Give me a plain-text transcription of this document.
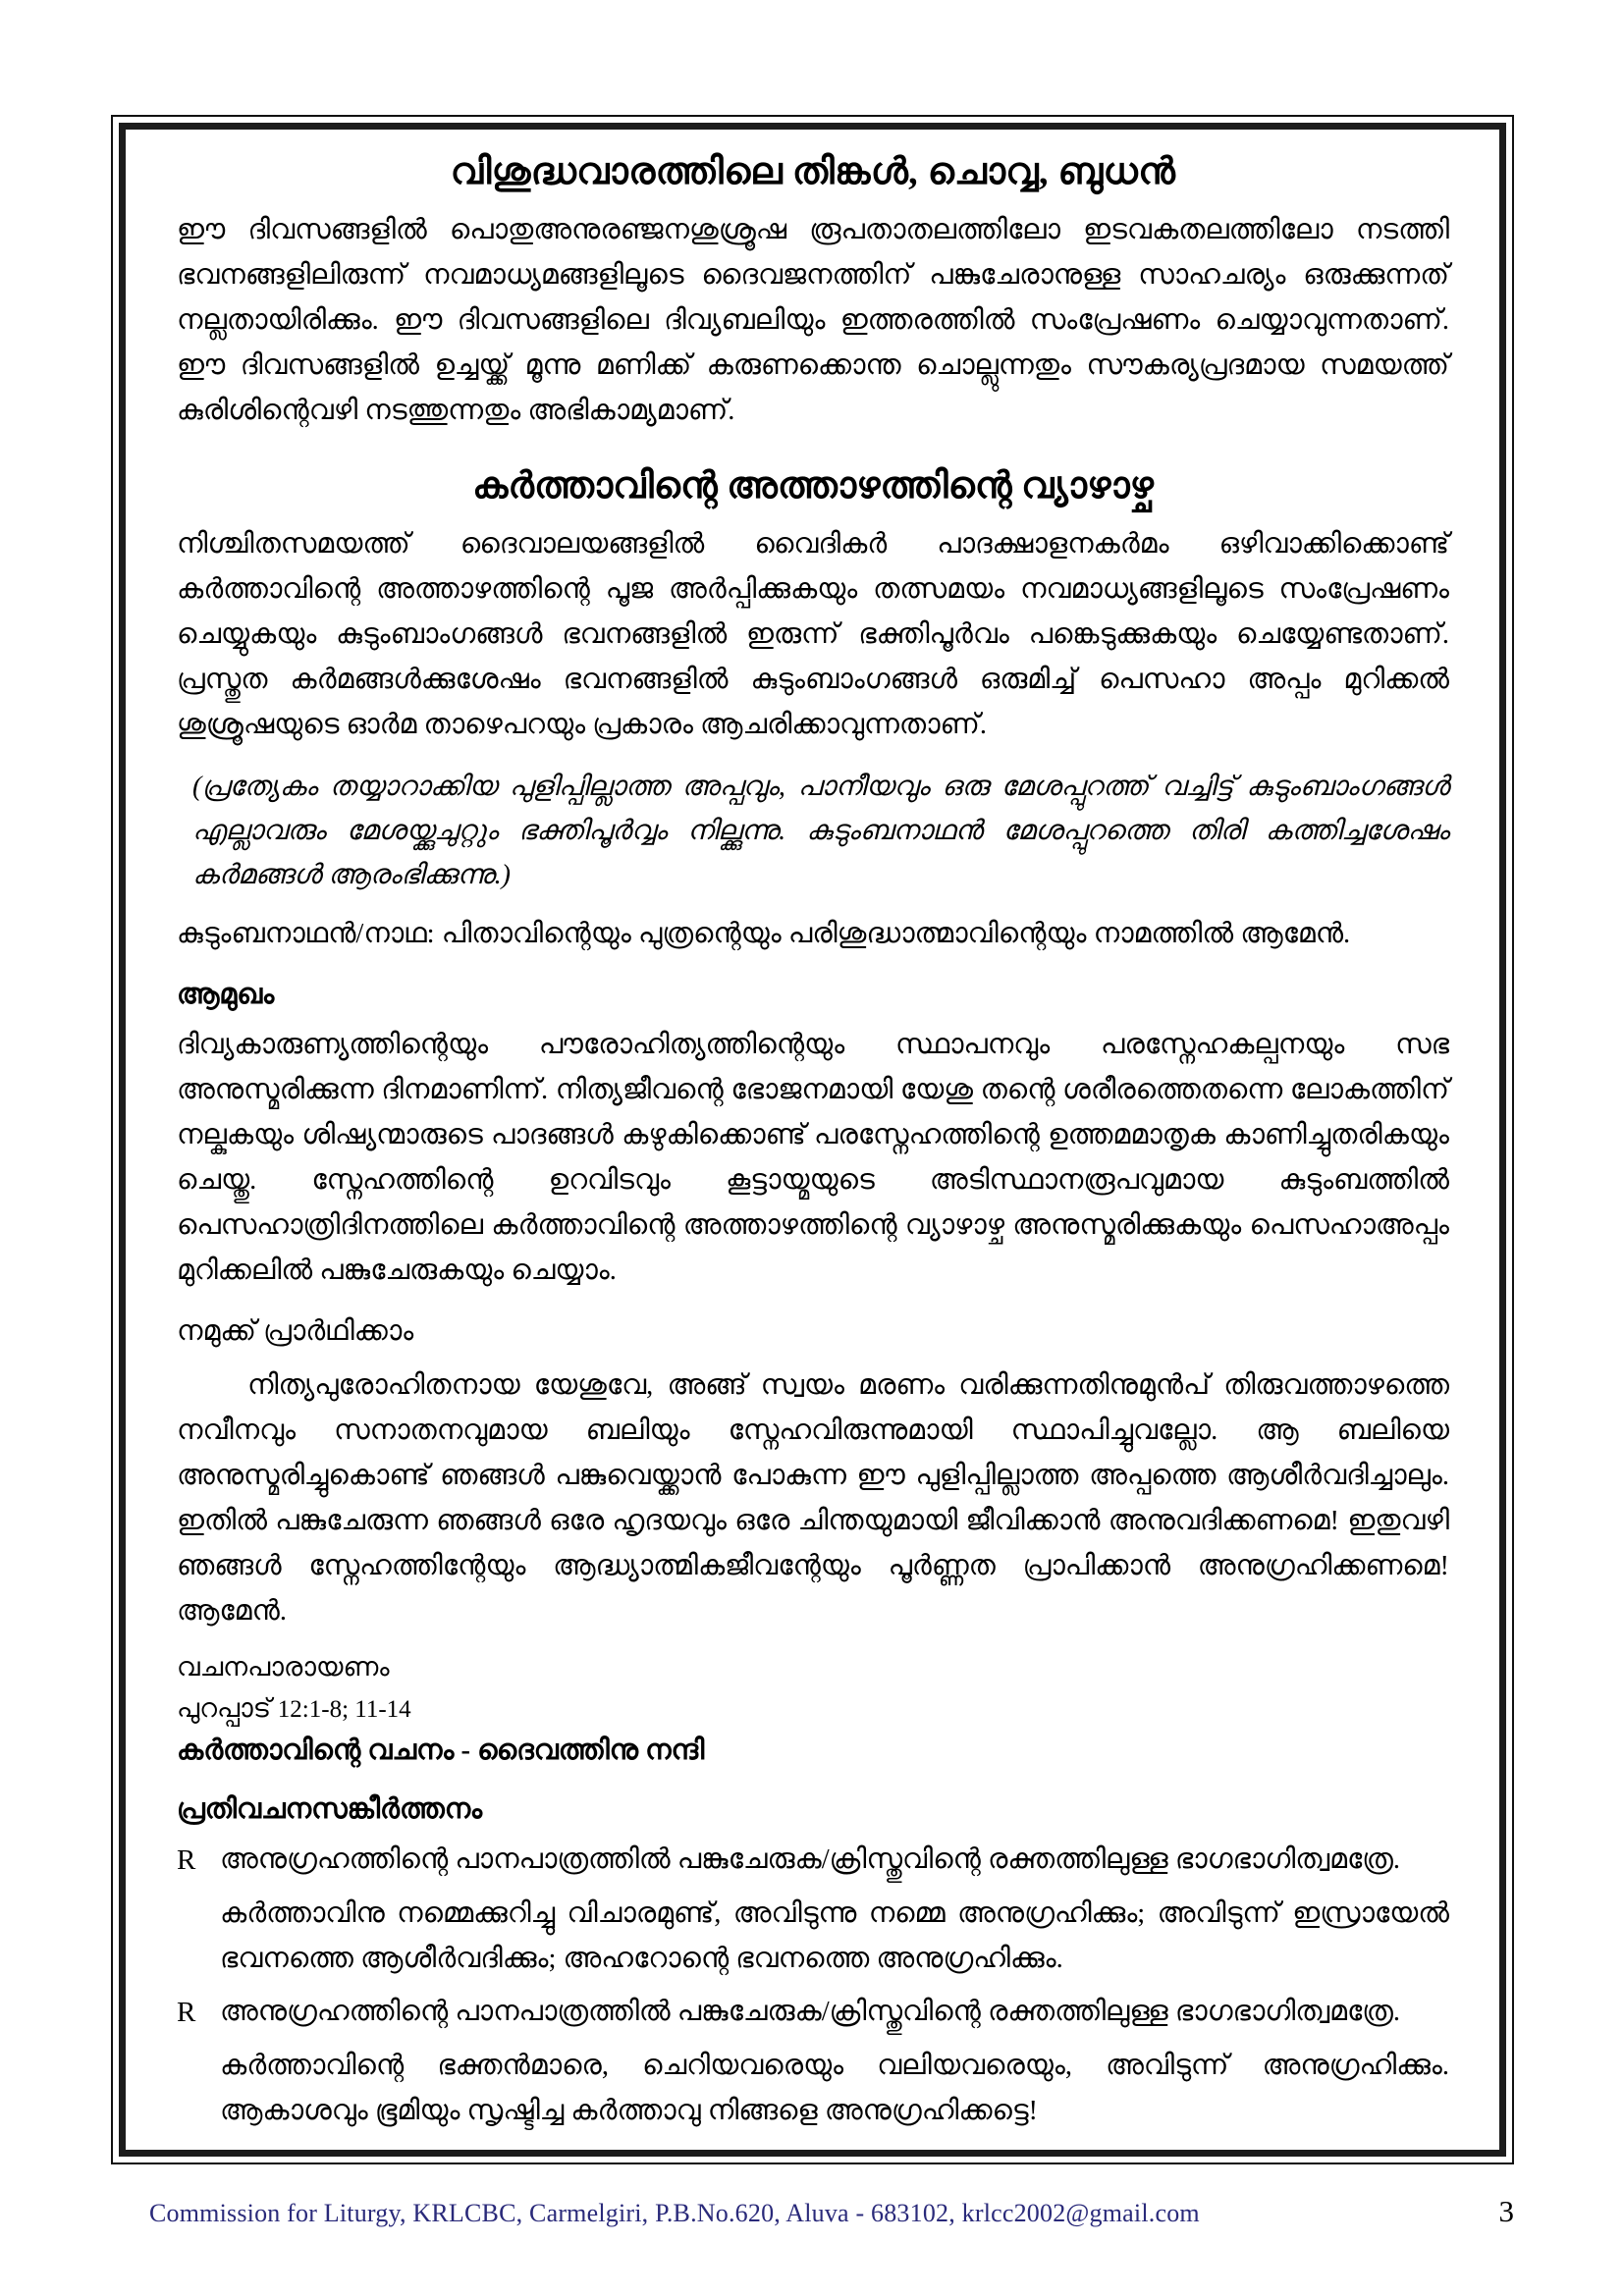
വിശുദ്ധവാരത്തിലെ തിങ്കൾ, ചൊവ്വ, ബുധൻ

ഈ ദിവസങ്ങളിൽ പൊതുഅനുരഞ്ജനശുശ്രൂഷ രൂപതാതലത്തിലോ ഇടവകതലത്തിലോ നടത്തി ഭവനങ്ങളിലിരുന്ന് നവമാധ്യമങ്ങളിലൂടെ ദൈവജനത്തിന് പങ്കുചേരാനുള്ള സാഹചര്യം ഒരുക്കുന്നത് നല്ലതായിരിക്കും. ഈ ദിവസങ്ങളിലെ ദിവ്യബലിയും ഇത്തരത്തിൽ സംപ്രേഷണം ചെയ്യാവുന്നതാണ്. ഈ ദിവസങ്ങളിൽ ഉച്ചയ്ക്ക് മൂന്നു മണിക്ക് കരുണക്കൊന്ത ചൊല്ലുന്നതും സൗകര്യപ്രദമായ സമയത്ത് കുരിശിന്റെവഴി നടത്തുന്നതും അഭികാമ്യമാണ്.

കർത്താവിന്റെ അത്താഴത്തിന്റെ വ്യാഴാഴ്ച

നിശ്ചിതസമയത്ത് ദൈവാലയങ്ങളിൽ വൈദികർ പാദക്ഷാളനകർമം ഒഴിവാക്കിക്കൊണ്ട് കർത്താവിന്റെ അത്താഴത്തിന്റെ പൂജ അർപ്പിക്കുകയും തത്സമയം നവമാധ്യങ്ങളിലൂടെ സംപ്രേഷണം ചെയ്യുകയും കുടുംബാംഗങ്ങൾ ഭവനങ്ങളിൽ ഇരുന്ന് ഭക്തിപൂർവം പങ്കെടുക്കുകയും ചെയ്യേണ്ടതാണ്. പ്രസ്തുത കർമങ്ങൾക്കുശേഷം ഭവനങ്ങളിൽ കുടുംബാംഗങ്ങൾ ഒരുമിച്ച് പെസഹാ അപ്പം മുറിക്കൽ ശുശ്രൂഷയുടെ ഓർമ താഴെപറയും പ്രകാരം ആചരിക്കാവുന്നതാണ്.

(പ്രത്യേകം തയ്യാറാക്കിയ പുളിപ്പില്ലാത്ത അപ്പവും, പാനീയവും ഒരു മേശപ്പുറത്ത് വച്ചിട്ട് കുടുംബാംഗങ്ങൾ എല്ലാവരും മേശയ്ക്കുചുറ്റും ഭക്തിപൂർവ്വം നില്ക്കുന്നു. കുടുംബനാഥൻ മേശപ്പുറത്തെ തിരി കത്തിച്ചശേഷം കർമങ്ങൾ ആരംഭിക്കുന്നു.)

കുടുംബനാഥൻ/നാഥ: പിതാവിന്റെയും പുത്രന്റെയും പരിശുദ്ധാത്മാവിന്റെയും നാമത്തിൽ ആമേൻ.

ആമുഖം

ദിവ്യകാരുണ്യത്തിന്റെയും പൗരോഹിത്യത്തിന്റെയും സ്ഥാപനവും പരസ്നേഹകല്പനയും സഭ അനുസ്മരിക്കുന്ന ദിനമാണിന്ന്. നിത്യജീവന്റെ ഭോജനമായി യേശു തന്റെ ശരീരത്തെതന്നെ ലോകത്തിന് നല്കുകയും ശിഷ്യന്മാരുടെ പാദങ്ങൾ കഴുകിക്കൊണ്ട് പരസ്നേഹത്തിന്റെ ഉത്തമമാതൃക കാണിച്ചുതരികയും ചെയ്തു. സ്നേഹത്തിന്റെ ഉറവിടവും കൂട്ടായ്മയുടെ അടിസ്ഥാനരൂപവുമായ കുടുംബത്തിൽ പെസഹാത്രിദിനത്തിലെ കർത്താവിന്റെ അത്താഴത്തിന്റെ വ്യാഴാഴ്ച അനുസ്മരിക്കുകയും പെസഹാഅപ്പം മുറിക്കലിൽ പങ്കുചേരുകയും ചെയ്യാം.

നമുക്ക് പ്രാർഥിക്കാം

നിത്യപുരോഹിതനായ യേശുവേ, അങ്ങ് സ്വയം മരണം വരിക്കുന്നതിനുമുൻപ് തിരുവത്താഴത്തെ നവീനവും സനാതനവുമായ ബലിയും സ്നേഹവിരുന്നുമായി സ്ഥാപിച്ചുവല്ലോ. ആ ബലിയെ അനുസ്മരിച്ചുകൊണ്ട് ഞങ്ങൾ പങ്കുവെയ്ക്കാൻ പോകുന്ന ഈ പുളിപ്പില്ലാത്ത അപ്പത്തെ ആശീർവദിച്ചാലും. ഇതിൽ പങ്കുചേരുന്ന ഞങ്ങൾ ഒരേ ഹൃദയവും ഒരേ ചിന്തയുമായി ജീവിക്കാൻ അനുവദിക്കണമെ! ഇതുവഴി ഞങ്ങൾ സ്നേഹത്തിന്റേയും ആദ്ധ്യാത്മികജീവന്റേയും പൂർണ്ണത പ്രാപിക്കാൻ അനുഗ്രഹിക്കണമെ! ആമേൻ.

വചനപാരായണം

പുറപ്പാട് 12:1-8; 11-14

കർത്താവിന്റെ വചനം - ദൈവത്തിനു നന്ദി

പ്രതിവചനസങ്കീർത്തനം

R അനുഗ്രഹത്തിന്റെ പാനപാത്രത്തിൽ പങ്കുചേരുക/ക്രിസ്തുവിന്റെ രക്തത്തിലുള്ള ഭാഗഭാഗിത്വമത്രേ.

കർത്താവിനു നമ്മെക്കുറിച്ചു വിചാരമുണ്ട്, അവിടുന്നു നമ്മെ അനുഗ്രഹിക്കും; അവിടുന്ന് ഇസ്രായേൽ ഭവനത്തെ ആശീർവദിക്കും; അഹറോന്റെ ഭവനത്തെ അനുഗ്രഹിക്കും.

R അനുഗ്രഹത്തിന്റെ പാനപാത്രത്തിൽ പങ്കുചേരുക/ക്രിസ്തുവിന്റെ രക്തത്തിലുള്ള ഭാഗഭാഗിത്വമത്രേ.

കർത്താവിന്റെ ഭക്തൻമാരെ, ചെറിയവരെയും വലിയവരെയും, അവിടുന്ന് അനുഗ്രഹിക്കും. ആകാശവും ഭൂമിയും സൃഷ്ടിച്ച കർത്താവു നിങ്ങളെ അനുഗ്രഹിക്കട്ടെ!

Commission for Liturgy, KRLCBC, Carmelgiri, P.B.No.620, Aluva - 683102, krlcc2002@gmail.com	3
